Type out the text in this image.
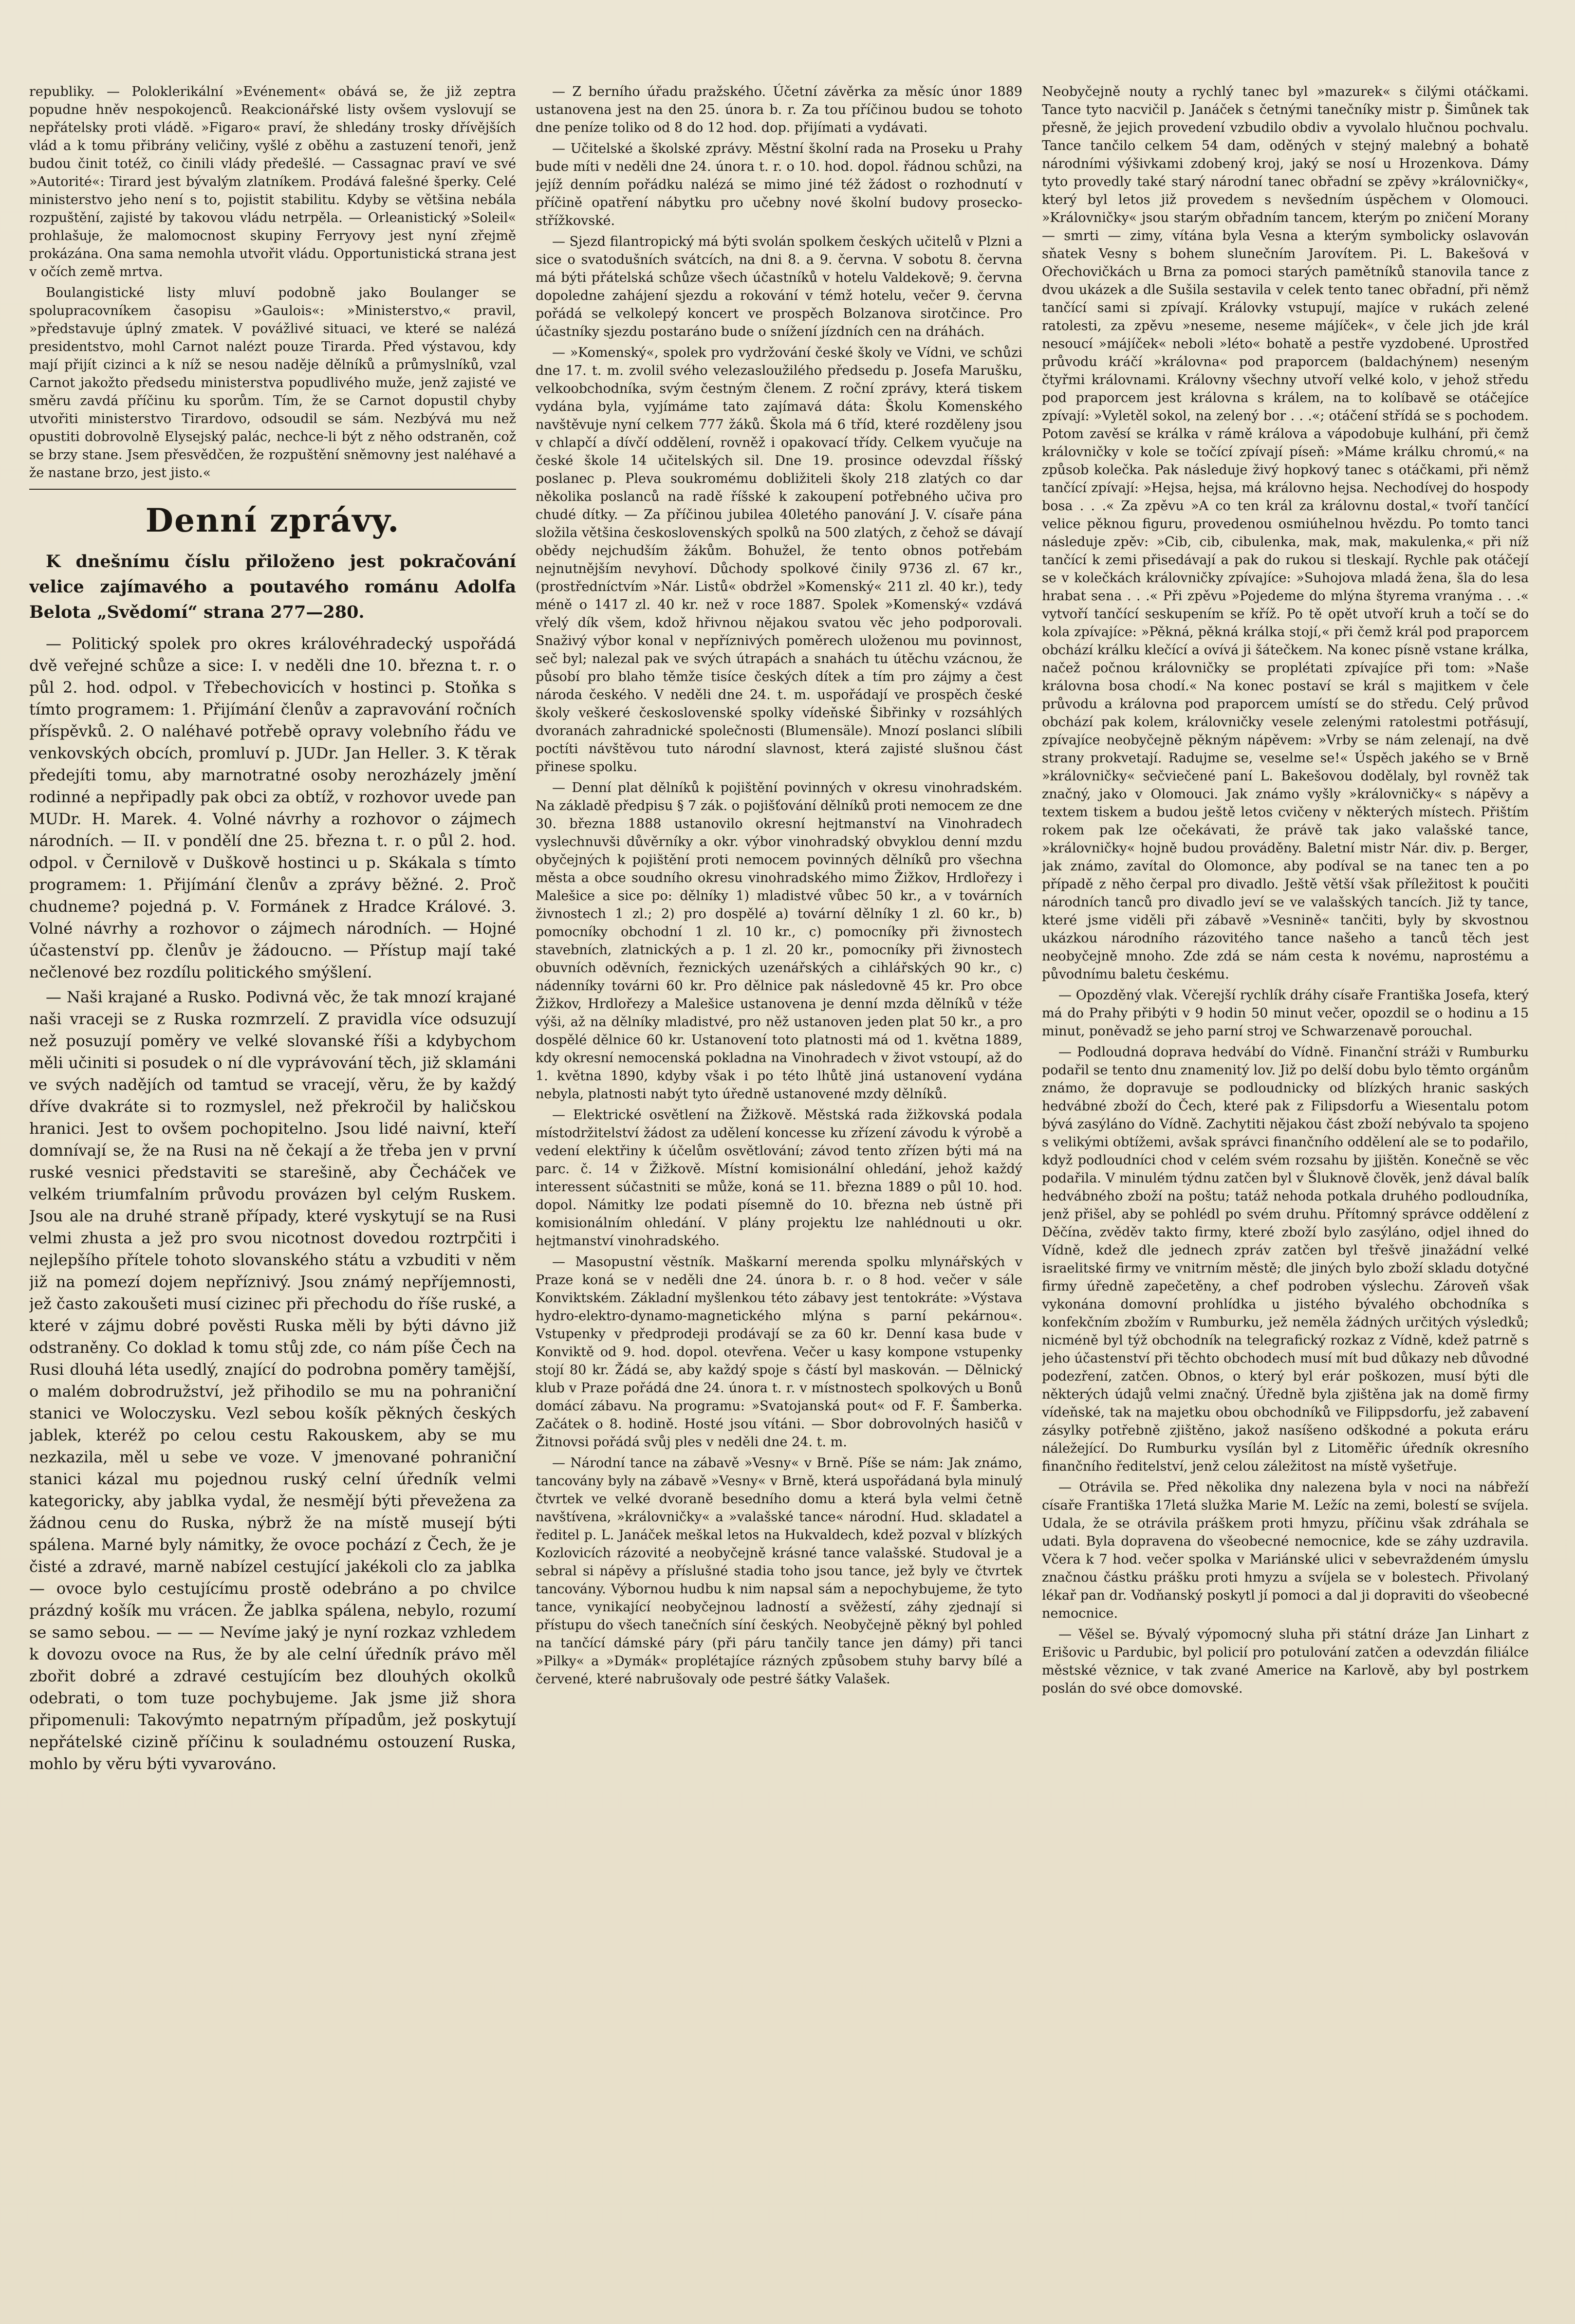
republiky. — Poloklerikální »Evénement« obává se, že již zeptra popudne hněv nespokojenců. Reakcionářské listy ovšem vyslovují se nepřátelsky proti vládě. »Figaro« praví, že shledány trosky dřívějších vlád a k tomu přibrány veličiny, vyšlé z oběhu a zastuzení tenoři, jenž budou činit totéž, co činili vlády předešlé. — Cassagnac praví ve své »Autorité«: Tirard jest bývalým zlatníkem. Prodává falešné šperky. Celé ministerstvo jeho není s to, pojistit stabilitu. Kdyby se většina nebála rozpuštění, zajisté by takovou vládu netrpěla. — Orleanistický »Soleil« prohlašuje, že malomocnost skupiny Ferryovy jest nyní zřejmě prokázána. Ona sama nemohla utvořit vládu. Opportunistická strana jest v očích země mrtva.

Boulangistické listy mluví podobně jako Boulanger se spolupracovníkem časopisu »Gaulois«: »Ministerstvo,« pravil, »představuje úplný zmatek. V povážlivé situaci, ve které se nalézá presidentstvo, mohl Carnot nalézt pouze Tirarda. Před výstavou, kdy mají přijít cizinci a k níž se nesou naděje dělníků a průmyslníků, vzal Carnot jakožto předsedu ministerstva popudlivého muže, jenž zajisté ve směru zavdá příčinu ku sporům. Tím, že se Carnot dopustil chyby utvořiti ministerstvo Tirardovo, odsoudil se sám. Nezbývá mu než opustiti dobrovolně Elysejský palác, nechce-li být z něho odstraněn, což se brzy stane. Jsem přesvědčen, že rozpuštění sněmovny jest naléhavé a že nastane brzo, jest jisto.«

Denní zprávy.

K dnešnímu číslu přiloženo jest pokračování velice zajímavého a poutavého románu Adolfa Belota „Svědomí“ strana 277—280.

— Politický spolek pro okres královéhradecký uspořádá dvě veřejné schůze a sice: I. v neděli dne 10. března t. r. o půl 2. hod. odpol. v Třebechovicích v hostinci p. Stoňka s tímto programem: 1. Přijímání členův a zapravování ročních příspěvků. 2. O naléhavé potřebě opravy volebního řádu ve venkovských obcích, promluví p. JUDr. Jan Heller. 3. K těrak předejíti tomu, aby marnotratné osoby nerozházely jmění rodinné a nepřipadly pak obci za obtíž, v rozhovor uvede pan MUDr. H. Marek. 4. Volné návrhy a rozhovor o zájmech národních. — II. v pondělí dne 25. března t. r. o půl 2. hod. odpol. v Černilově v Duškově hostinci u p. Skákala s tímto programem: 1. Přijímání členův a zprávy běžné. 2. Proč chudneme? pojedná p. V. Formánek z Hradce Králové. 3. Volné návrhy a rozhovor o zájmech národních. — Hojné účastenství pp. členův je žádoucno. — Přístup mají také nečlenové bez rozdílu politického smýšlení.

— Naši krajané a Rusko. Podivná věc, že tak mnozí krajané naši vraceji se z Ruska rozmrzelí. Z pravidla více odsuzují než posuzují poměry ve velké slovanské říši a kdybychom měli učiniti si posudek o ní dle vyprávování těch, již sklamáni ve svých nadějích od tamtud se vracejí, věru, že by každý dříve dvakráte si to rozmyslel, než překročil by haličskou hranici. Jest to ovšem pochopitelno. Jsou lidé naivní, kteří domnívají se, že na Rusi na ně čekají a že třeba jen v první ruské vesnici představiti se starešině, aby Čecháček ve velkém triumfalním průvodu provázen byl celým Ruskem. Jsou ale na druhé straně případy, které vyskytují se na Rusi velmi zhusta a jež pro svou nicotnost dovedou roztrpčiti i nejlepšího přítele tohoto slovanského státu a vzbuditi v něm již na pomezí dojem nepříznivý. Jsou známý nepříjemnosti, jež často zakoušeti musí cizinec při přechodu do říše ruské, a které v zájmu dobré pověsti Ruska měli by býti dávno již odstraněny. Co doklad k tomu stůj zde, co nám píše Čech na Rusi dlouhá léta usedlý, znající do podrobna poměry tamější, o malém dobrodružství, jež přihodilo se mu na pohraniční stanici ve Woloczysku. Vezl sebou košík pěkných českých jablek, kteréž po celou cestu Rakouskem, aby se mu nezkazila, měl u sebe ve voze. V jmenované pohraniční stanici kázal mu pojednou ruský celní úředník velmi kategoricky, aby jablka vydal, že nesmějí býti převežena za žádnou cenu do Ruska, nýbrž že na místě musejí býti spálena. Marné byly námitky, že ovoce pochází z Čech, že je čisté a zdravé, marně nabízel cestující jakékoli clo za jablka — ovoce bylo cestujícímu prostě odebráno a po chvilce prázdný košík mu vrácen. Že jablka spálena, nebylo, rozumí se samo sebou. — — — Nevíme jaký je nyní rozkaz vzhledem k dovozu ovoce na Rus, že by ale celní úředník právo měl zbořit dobré a zdravé cestujícím bez dlouhých okolků odebrati, o tom tuze pochybujeme. Jak jsme již shora připomenuli: Takovýmto nepatrným případům, jež poskytují nepřátelské cizině příčinu k souladnému ostouzení Ruska, mohlo by věru býti vyvarováno.

— Z berního úřadu pražského. Účetní závěrka za měsíc únor 1889 ustanovena jest na den 25. února b. r. Za tou příčinou budou se tohoto dne peníze toliko od 8 do 12 hod. dop. přijímati a vydávati.

— Učitelské a školské zprávy. Městní školní rada na Proseku u Prahy bude míti v neděli dne 24. února t. r. o 10. hod. dopol. řádnou schůzi, na jejíž denním pořádku nalézá se mimo jiné též žádost o rozhodnutí v příčině opatření nábytku pro učebny nové školní budovy prosecko-střížkovské.

— Sjezd filantropický má býti svolán spolkem českých učitelů v Plzni a sice o svatodušních svátcích, na dni 8. a 9. června. V sobotu 8. června má býti přátelská schůze všech účastníků v hotelu Valdekově; 9. června dopoledne zahájení sjezdu a rokování v témž hotelu, večer 9. června pořádá se velkolepý koncert ve prospěch Bolzanova sirotčince. Pro účastníky sjezdu postaráno bude o snížení jízdních cen na dráhách.

— »Komenský«, spolek pro vydržování české školy ve Vídni, ve schůzi dne 17. t. m. zvolil svého velezasloužilého předsedu p. Josefa Marušku, velkoobchodníka, svým čestným členem. Z roční zprávy, která tiskem vydána byla, vyjímáme tato zajímavá dáta: Školu Komenského navštěvuje nyní celkem 777 žáků. Škola má 6 tříd, které rozděleny jsou v chlapčí a dívčí oddělení, rovněž i opakovací třídy. Celkem vyučuje na české škole 14 učitelských sil. Dne 19. prosince odevzdal říšský poslanec p. Pleva soukromému dobližiteli školy 218 zlatých co dar několika poslanců na radě říšské k zakoupení potřebného učiva pro chudé dítky. — Za příčinou jubilea 40letého panování J. V. císaře pána složila většina československých spolků na 500 zlatých, z čehož se dávají obědy nejchudším žákům. Bohužel, že tento obnos potřebám nejnutnějším nevyhoví. Důchody spolkové činily 9736 zl. 67 kr., (prostředníctvím »Nár. Listů« obdržel »Komenský« 211 zl. 40 kr.), tedy méně o 1417 zl. 40 kr. než v roce 1887. Spolek »Komenský« vzdává vřelý dík všem, kdož hřivnou nějakou svatou věc jeho podporovali. Snaživý výbor konal v nepříznivých poměrech uloženou mu povinnost, seč byl; nalezal pak ve svých útrapách a snahách tu útěchu vzácnou, že působí pro blaho těmže tisíce českých dítek a tím pro zájmy a čest národa českého. V neděli dne 24. t. m. uspořádají ve prospěch české školy veškeré československé spolky vídeňské Šibřinky v rozsáhlých dvoranách zahradnické společnosti (Blumensäle). Mnozí poslanci slíbili poctíti návštěvou tuto národní slavnost, která zajisté slušnou část přinese spolku.

— Denní plat dělníků k pojištění povinných v okresu vinohradském. Na základě předpisu § 7 zák. o pojišťování dělníků proti nemocem ze dne 30. března 1888 ustanovilo okresní hejtmanství na Vinohradech vyslechnuvši důvěrníky a okr. výbor vinohradský obvyklou denní mzdu obyčejných k pojištění proti nemocem povinných dělníků pro všechna města a obce soudního okresu vinohradského mimo Žižkov, Hrdlořezy i Malešice a sice po: dělníky 1) mladistvé vůbec 50 kr., a v továrních živnostech 1 zl.; 2) pro dospělé a) tovární dělníky 1 zl. 60 kr., b) pomocníky obchodní 1 zl. 10 kr., c) pomocníky při živnostech stavebních, zlatnických a p. 1 zl. 20 kr., pomocníky při živnostech obuvních oděvních, řeznických uzenářských a cihlářských 90 kr., c) nádenníky továrni 60 kr. Pro dělnice pak následovně 45 kr. Pro obce Žižkov, Hrdlořezy a Malešice ustanovena je denní mzda dělníků v téže výši, až na dělníky mladistvé, pro něž ustanoven jeden plat 50 kr., a pro dospělé dělnice 60 kr. Ustanovení toto platnosti má od 1. května 1889, kdy okresní nemocenská pokladna na Vinohradech v život vstoupí, až do 1. května 1890, kdyby však i po této lhůtě jiná ustanovení vydána nebyla, platnosti nabýt tyto úředně ustanovené mzdy dělníků.

— Elektrické osvětlení na Žižkově. Městská rada žižkovská podala místodržitelství žádost za udělení koncesse ku zřízení závodu k výrobě a vedení elektřiny k účelům osvětlování; závod tento zřízen býti má na parc. č. 14 v Žižkově. Místní komisionální ohledání, jehož každý interessent súčastniti se může, koná se 11. března 1889 o půl 10. hod. dopol. Námitky lze podati písemně do 10. března neb ústně při komisionálním ohledání. V plány projektu lze nahlédnouti u okr. hejtmanství vinohradského.

— Masopustní věstník. Maškarní merenda spolku mlynářských v Praze koná se v neděli dne 24. února b. r. o 8 hod. večer v sále Konviktském. Základní myšlenkou této zábavy jest tentokráte: »Výstava hydro-elektro-dynamo-magnetického mlýna s parní pekárnou«. Vstupenky v předprodeji prodávají se za 60 kr. Denní kasa bude v Konviktě od 9. hod. dopol. otevřena. Večer u kasy kompone vstupenky stojí 80 kr. Žádá se, aby každý spoje s částí byl maskován. — Dělnický klub v Praze pořádá dne 24. února t. r. v místnostech spolkových u Bonů domácí zábavu. Na programu: »Svatojanská pout« od F. F. Šamberka. Začátek o 8. hodině. Hosté jsou vítáni. — Sbor dobrovolných hasičů v Žitnovsi pořádá svůj ples v neděli dne 24. t. m.

— Národní tance na zábavě »Vesny« v Brně. Píše se nám: Jak známo, tancovány byly na zábavě »Vesny« v Brně, která uspořádaná byla minulý čtvrtek ve velké dvoraně besedního domu a která byla velmi četně navštívena, »královničky« a »valašské tance« národní. Hud. skladatel a ředitel p. L. Janáček meškal letos na Hukvaldech, kdež pozval v blízkých Kozlovicích rázovité a neobyčejně krásné tance valašské. Studoval je a sebral si nápěvy a příslušné stadia toho jsou tance, jež byly ve čtvrtek tancovány. Výbornou hudbu k nim napsal sám a nepochybujeme, že tyto tance, vynikající neobyčejnou ladností a svěžestí, záhy zjednají si přístupu do všech tanečních síní českých. Neobyčejně pěkný byl pohled na tančící dámské páry (při páru tančily tance jen dámy) při tanci »Pilky« a »Dymák« proplétajíce rázných způsobem stuhy barvy bílé a červené, které nabrušovaly ode pestré šátky Valašek.

Neobyčejně nouty a rychlý tanec byl »mazurek« s čilými otáčkami. Tance tyto nacvičil p. Janáček s četnými tanečníky mistr p. Šimůnek tak přesně, že jejich provedení vzbudilo obdiv a vyvolalo hlučnou pochvalu. Tance tančilo celkem 54 dam, oděných v stejný malebný a bohatě národními výšivkami zdobený kroj, jaký se nosí u Hrozenkova. Dámy tyto provedly také starý národní tanec obřadní se zpěvy »královničky«, který byl letos již provedem s nevšedním úspěchem v Olomouci. »Královničky« jsou starým obřadním tancem, kterým po zničení Morany — smrti — zimy, vítána byla Vesna a kterým symbolicky oslavován sňatek Vesny s bohem slunečním Jarovítem. Pi. L. Bakešová v Ořechovičkách u Brna za pomoci starých pamětníků stanovila tance z dvou ukázek a dle Sušila sestavila v celek tento tanec obřadní, při němž tančící sami si zpívají. Královky vstupují, majíce v rukách zelené ratolesti, za zpěvu »neseme, neseme májíček«, v čele jich jde král nesoucí »májíček« neboli »léto« bohatě a pestře vyzdobené. Uprostřed průvodu kráčí »královna« pod praporcem (baldachýnem) neseným čtyřmi královnami. Královny všechny utvoří velké kolo, v jehož středu pod praporcem jest královna s králem, na to kolíbavě se otáčejíce zpívají: »Vyletěl sokol, na zelený bor . . .«; otáčení střídá se s pochodem. Potom zavěsí se králka v rámě králova a vápodobuje kulhání, při čemž královničky v kole se točící zpívají píseň: »Máme králku chromú,« na způsob kolečka. Pak následuje živý hopkový tanec s otáčkami, při němž tančící zpívají: »Hejsa, hejsa, má královno hejsa. Nechodívej do hospody bosa . . .« Za zpěvu »A co ten král za královnu dostal,« tvoří tančící velice pěknou figuru, provedenou osmiúhelnou hvězdu. Po tomto tanci následuje zpěv: »Cib, cib, cibulenka, mak, mak, makulenka,« při níž tančící k zemi přisedávají a pak do rukou si tleskají. Rychle pak otáčejí se v kolečkách královničky zpívajíce: »Suhojova mladá žena, šla do lesa hrabat sena . . .« Při zpěvu »Pojedeme do mlýna štyrema vranýma . . .« vytvoří tančící seskupením se kříž. Po tě opět utvoří kruh a točí se do kola zpívajíce: »Pěkná, pěkná králka stojí,« při čemž král pod praporcem obchází králku klečící a ovívá ji šátečkem. Na konec písně vstane králka, načež počnou královničky se proplétati zpívajíce při tom: »Naše královna bosa chodí.« Na konec postaví se král s majitkem v čele průvodu a královna pod praporcem umístí se do středu. Celý průvod obchází pak kolem, královničky vesele zelenými ratolestmi potřásují, zpívajíce neobyčejně pěkným nápěvem: »Vrby se nám zelenají, na dvě strany prokvetají. Radujme se, veselme se!« Úspěch jakého se v Brně »královničky« sečviečené paní L. Bakešovou dodělaly, byl rovněž tak značný, jako v Olomouci. Jak známo vyšly »královničky« s nápěvy a textem tiskem a budou ještě letos cvičeny v některých místech. Přištím rokem pak lze očekávati, že právě tak jako valašské tance, »královničky« hojně budou prováděny. Baletní mistr Nár. div. p. Berger, jak známo, zavítal do Olomonce, aby podíval se na tanec ten a po případě z něho čerpal pro divadlo. Ještě větší však příležitost k poučiti národních tanců pro divadlo jeví se ve valašských tancích. Již ty tance, které jsme viděli při zábavě »Vesnině« tančiti, byly by skvostnou ukázkou národního rázovitého tance našeho a tanců těch jest neobyčejně mnoho. Zde zdá se nám cesta k novému, naprostému a původnímu baletu českému.

— Opozděný vlak. Včerejší rychlík dráhy císaře Františka Josefa, který má do Prahy přibýti v 9 hodin 50 minut večer, opozdil se o hodinu a 15 minut, poněvadž se jeho parní stroj ve Schwarzenavě porouchal.

— Podloudná doprava hedvábí do Vídně. Finanční stráži v Rumburku podařil se tento dnu znamenitý lov. Již po delší dobu bylo těmto orgánům známo, že dopravuje se podloudnicky od blízkých hranic saských hedvábné zboží do Čech, které pak z Filipsdorfu a Wiesentalu potom bývá zasýláno do Vídně. Zachytiti nějakou část zboží nebývalo ta spojeno s velikými obtížemi, avšak správci finančního oddělení ale se to podařilo, když podloudníci chod v celém svém rozsahu by jjištěn. Konečně se věc podařila. V minulém týdnu zatčen byl v Šluknově člověk, jenž dával balík hedvábného zboží na poštu; tatáž nehoda potkala druhého podloudníka, jenž přišel, aby se pohlédl po svém druhu. Přítomný správce oddělení z Děčína, zvěděv takto firmy, které zboží bylo zasýláno, odjel ihned do Vídně, kdež dle jednech zpráv zatčen byl třešvě jinažádní velké israelitské firmy ve vnitrním městě; dle jiných bylo zboží skladu dotyčné firmy úředně zapečetěny, a chef podroben výslechu. Zároveň však vykonána domovní prohlídka u jistého bývalého obchodníka s konfekčním zbožím v Rumburku, jež neměla žádných určitých výsledků; nicméně byl týž obchodník na telegrafický rozkaz z Vídně, kdež patrně s jeho účastenství při těchto obchodech musí mít bud důkazy neb důvodné podezření, zatčen. Obnos, o který byl erár poškozen, musí býti dle některých údajů velmi značný. Úředně byla zjištěna jak na domě firmy vídeňské, tak na majetku obou obchodníků ve Filippsdorfu, jež zabavení zásylky potřebně zjištěno, jakož nasíšeno odškodné a pokuta eráru náležející. Do Rumburku vysílán byl z Litoměřic úředník okresního finančního ředitelství, jenž celou záležitost na místě vyšetřuje.

— Otrávila se. Před několika dny nalezena byla v noci na nábřeží císaře Františka 17letá služka Marie M. Ležíc na zemi, bolestí se svíjela. Udala, že se otrávila práškem proti hmyzu, příčinu však zdráhala se udati. Byla dopravena do všeobecné nemocnice, kde se záhy uzdravila. Včera k 7 hod. večer spolka v Mariánské ulici v sebevraždeném úmyslu značnou částku prášku proti hmyzu a svíjela se v bolestech. Přivolaný lékař pan dr. Vodňanský poskytl jí pomoci a dal ji dopraviti do všeobecné nemocnice.

— Věšel se. Bývalý výpomocný sluha při státní dráze Jan Linhart z Erišovic u Pardubic, byl policií pro potulování zatčen a odevzdán filiálce městské věznice, v tak zvané Americe na Karlově, aby byl postrkem poslán do své obce domovské.
